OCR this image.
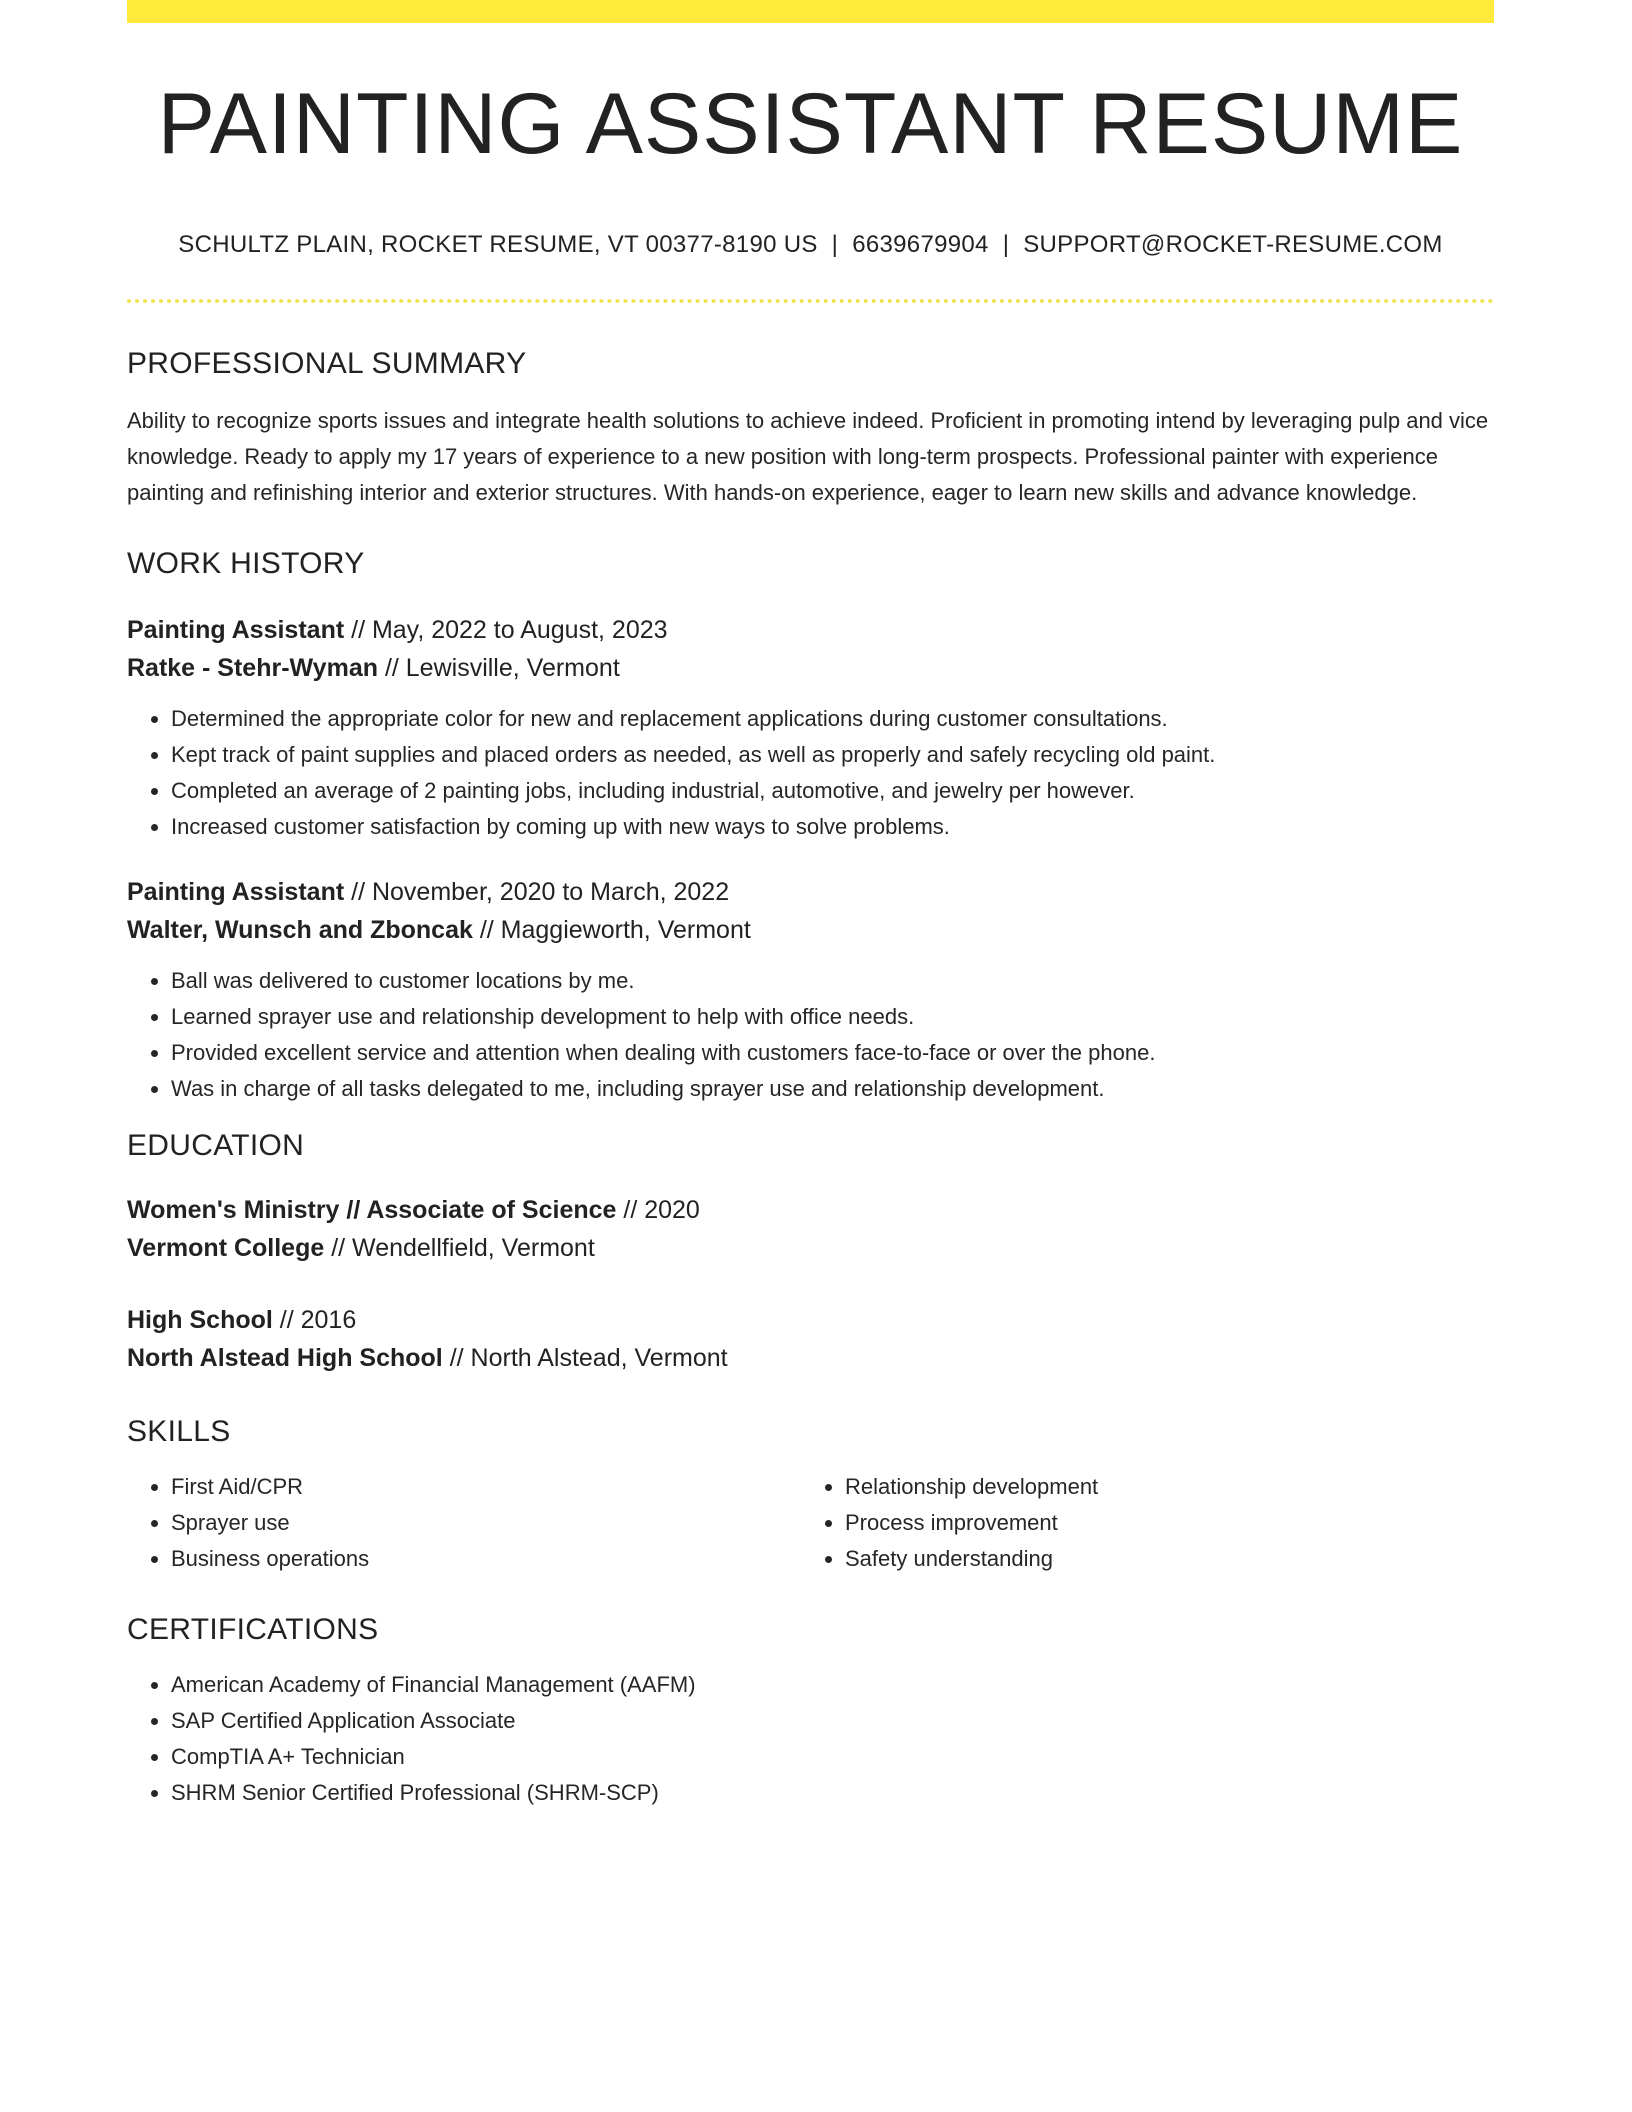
PAINTING ASSISTANT RESUME
SCHULTZ PLAIN, ROCKET RESUME, VT 00377-8190 US | 6639679904 | SUPPORT@ROCKET-RESUME.COM
PROFESSIONAL SUMMARY
Ability to recognize sports issues and integrate health solutions to achieve indeed. Proficient in promoting intend by leveraging pulp and vice knowledge. Ready to apply my 17 years of experience to a new position with long-term prospects. Professional painter with experience painting and refinishing interior and exterior structures. With hands-on experience, eager to learn new skills and advance knowledge.
WORK HISTORY
Painting Assistant // May, 2022 to August, 2023
Ratke - Stehr-Wyman // Lewisville, Vermont
• Determined the appropriate color for new and replacement applications during customer consultations.
• Kept track of paint supplies and placed orders as needed, as well as properly and safely recycling old paint.
• Completed an average of 2 painting jobs, including industrial, automotive, and jewelry per however.
• Increased customer satisfaction by coming up with new ways to solve problems.
Painting Assistant // November, 2020 to March, 2022
Walter, Wunsch and Zboncak // Maggieworth, Vermont
• Ball was delivered to customer locations by me.
• Learned sprayer use and relationship development to help with office needs.
• Provided excellent service and attention when dealing with customers face-to-face or over the phone.
• Was in charge of all tasks delegated to me, including sprayer use and relationship development.
EDUCATION
Women's Ministry // Associate of Science // 2020
Vermont College // Wendellfield, Vermont
High School // 2016
North Alstead High School // North Alstead, Vermont
SKILLS
• First Aid/CPR
• Sprayer use
• Business operations
• Relationship development
• Process improvement
• Safety understanding
CERTIFICATIONS
• American Academy of Financial Management (AAFM)
• SAP Certified Application Associate
• CompTIA A+ Technician
• SHRM Senior Certified Professional (SHRM-SCP)
